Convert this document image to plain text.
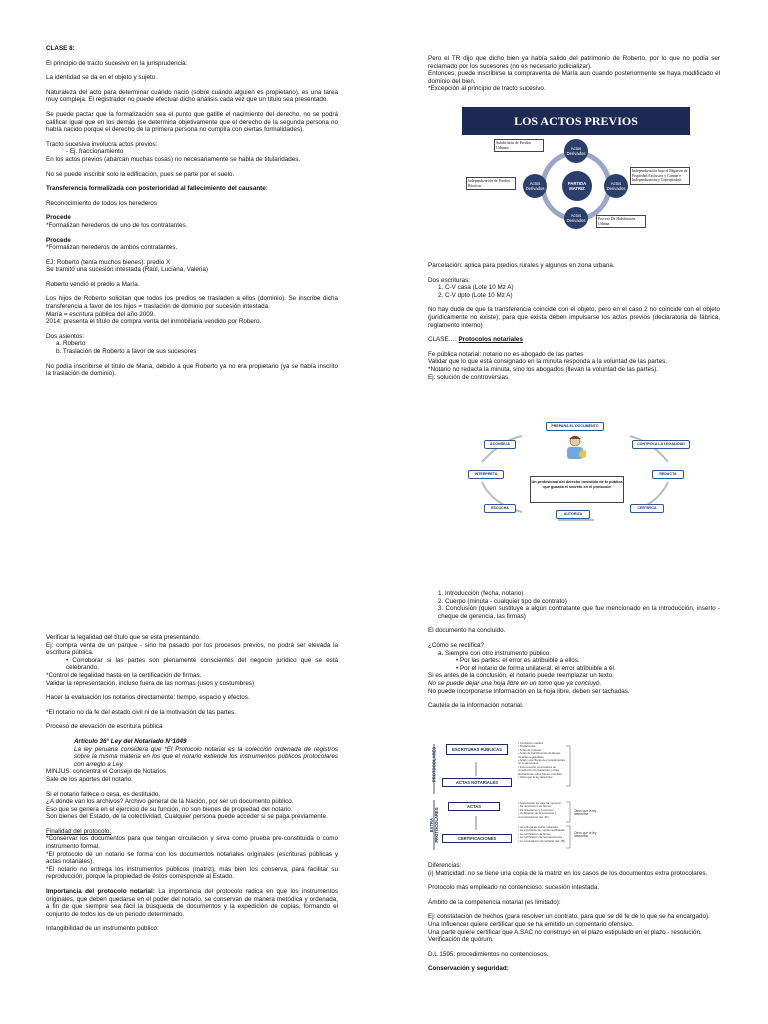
CLASE 8:
El principio de tracto sucesivo en la jurisprudencia:
La identidad se da en el objeto y sujeto.
Naturaleza del acto para determinar cuándo nació (sobre cuándo alguien es propietario), es una tarea muy compleja. El registrador no puede efectuar dicho análisis cada vez que un título sea presentado.
Se puede pactar que la formalización sea el punto que gatille el nacimiento del derecho, no se podrá calificar igual que en los demás (se determina objetivamente que el derecho de la segunda persona no había nacido porque el derecho de la primera persona no cumplía con ciertas formalidades).
Tracto sucesiva involucra actos previos:
- Ej. fraccionamiento
En los actos previos (abarcan muchas cosas) no necesariamente se habla de titularidades.
No se puede inscribir solo la edificación, pues se parte por el suelo.
Transferencia formalizada con posterioridad al fallecimiento del causante:
Reconocimiento de todos los herederos
Procede
*Formalizan herederos de uno de los contratantes.
Procede
*Formalizan herederos de ambos contratantes.
EJ: Roberto (tenía muchos bienes): predio X
Se tramitó una sucesión intestada (Raúl, Luciana, Valeria)
Roberto vendió el predio a María.
Los hijos de Roberto solicitan que todos los predios se trasladen a ellos (dominio). Se inscribe dicha transferencia a favor de los hijos = traslación de dominio por sucesión intestada.
María = escritura pública del año 2009.
2014: presenta el título de compra venta del inmobiliaria vendido por Robero.
Dos asientos:
a. Roberto
b. Traslación de Roberto a favor de sus sucesores
No podía inscribirse el título de María, debido a que Roberto ya no era propietario (ya se había inscrito la traslación de dominio).
Pero el TR dijo que dicho bien ya había salido del patrimonio de Roberto, por lo que no podía ser reclamado por los sucesores (no es necesario judicializar).
Entonces, puede inscribirse la compraventa de María aun cuando posteriormente se haya modificado el dominio del bien.
*Excepción al principio de tracto sucesivo.
Parcelación: aplica para predios rurales y algunos en zona urbana.
Dos escrituras:
1. C-V casa (Lote 10 Mz A)
2. C-V dpto (Lote 10 Mz A)
No hay duda de que la transferencia coincide con el objeto, pero en el caso 2 no coincide con el objeto (jurídicamente no existe); para que exista deben impulsarse los actos previos (declaratoria de fábrica, reglamento interno)
CLASE…: Protocolos notariales
Fe pública notarial: notario no es abogado de las partes
Validar que lo que está consignado en la minuta responda a la voluntad de las partes.
*Notario no redacta la minuta, sino los abogados (llevan la voluntad de las partes).
Ej: solución de controversias.
Verificar la legalidad del título que se está presentando.
Ej: compra venta de un parque - sino ha pasado por los procesos previos, no podrá ser elevada la escritura pública.
• Corroborar si las partes son plenamente conscientes del negocio jurídico que se está celebrando.
*Control de legalidad hasta en la certificación de firmas.
Validar la representación, incluso fuera de las normas (usos y costumbres)
Hacer la evaluación los notarios directamente: tiempo, espacio y efectos.
*El notario no da fe del estado civil ni de la motivación de las partes.
Proceso de elevación de escritura pública
Artículo 36° Ley del Notariado N°1049
La ley peruana considera que *El Protocolo notarial es la colección ordenada de registros sobre la misma materia en los que el notario extiende los instrumentos públicos protocolares con arreglo a Ley.
MINJUS: concentra el Consejo de Notarios
Sale de los aportes del notario.
Si el notario fallece o cesa, es destituido.
¿A dónde van los archivos? Archivo general de la Nación, por ser un documento público.
Eso que se genera en el ejercicio de su función, no son bienes de propiedad del notario.
Son bienes del Estado, de la colectividad. Cualquier persona puede acceder si se paga previamente.
Finalidad del protocolo:
*Conservar los documentos para que tengan circulación y sirva como prueba pre-constituida o como instrumento formal.
*El protocolo de un notario se forma con los documentos notariales originales (escrituras públicas y actas notariales).
*El notario no entrega los instrumentos públicos (matriz), más bien los conserva, para facilitar su reproducción, porque la propiedad de éstos corresponde al Estado.
Importancia del protocolo notarial: La importancia del protocolo radica en que los instrumentos originales, que deben quedarse en el poder del notario, se conservan de manera metódica y ordenada, a fin de que siempre sea fácil la búsqueda de documentos y la expedición de copias, formando el conjunto de todos los de un periodo determinado.
Intangibilidad de un instrumento público:
1. Introducción (fecha, notario)
2. Cuerpo (minuta - cualquier tipo de contrato)
3. Conclusión (quien sustituye a algún contratante que fue mencionado en la introducción, inserto - cheque de gerencia, las firmas)
El documento ha concluido.
¿Cómo se rectifica?
a. Siempre con otro instrumento público.
• Por las partes: el error es atribuible a ellos.
• Por el notario de forma unilateral: el error atribuible a él.
Si es antes de la conclusión, el notario puede reemplazar un texto.
No se puede dejar una hoja libre en un tomo que ya concluyó.
No puede incorporarse información en la hoja libre, deben ser tachadas.
Cautela de la información notarial.
Diferencias:
(i) Matricidad: no se tiene una copia de la matriz en los casos de los documentos extra protocolares.
Protocolo más empleado no contencioso: sucesión intestada.
Ámbito de la competencia notarial (es limitado):
Ej: constatación de hechos (para resolver un contrato, para que se dé fe de lo que se ha encargado).
Una influencer quiere certificar que se ha emitido un comentario ofensivo.
Una parte quiere certificar que A.SAC no construyó en el plazo estipulado en el plazo - resolución.
Verificación de quórum.
D.L 1595: procedimientos no contenciosos.
Conservación y seguridad:
LOS ACTOS PREVIOS
PARTIDA MATRIZ
Actos Derivados
Actos Derivados
Actos Derivados
Actos Derivados
Subdivisión de Predios Urbanos
Independización de Predios Rústicos
Independización bajo el Régimen de Propiedad Exclusiva y Común e Independización y Copropiedad.
Proceso De Habilitación Urbana
PREPARA EL DOCUMENTO
ACONSEJA	CONTROLA LA LEGALIDAD
INTERPRETA	REDACTA
ESCUCHA
AUTORIZA
CERTIFICA
Un profesional del derecho investido de fe pública que guarda el secreto en el protocolo
PROTOCOLARES
EXTRA PROTOCOLARES
ESCRITURAS PÚBLICAS
ACTAS NOTARIALES
ACTAS
CERTIFICACIONES
• Contratos muebles
• Testamentos
• Actas de protesto
• Actas de transferencia de bienes muebles registrables
• Actas y escrituras de procedimientos no contenciosos
• Instrumentos protocolares de constitución de Garantías y otras afectaciones sobre bienes muebles
• Otros que la ley determine
• Autorización de viaje de menores
• De destrucción de bienes
• De licitaciones y concursos
• Verificación de documentos y comunicaciones (art. 96)
• La entrega de cartas notariales
• La expedición de copias certificadas
• La certificación de firmas
• La certificación de reproducciones
• La constatación domiciliaria (Art. 95)
Otros que la ley determine
Otros que la ley determine
